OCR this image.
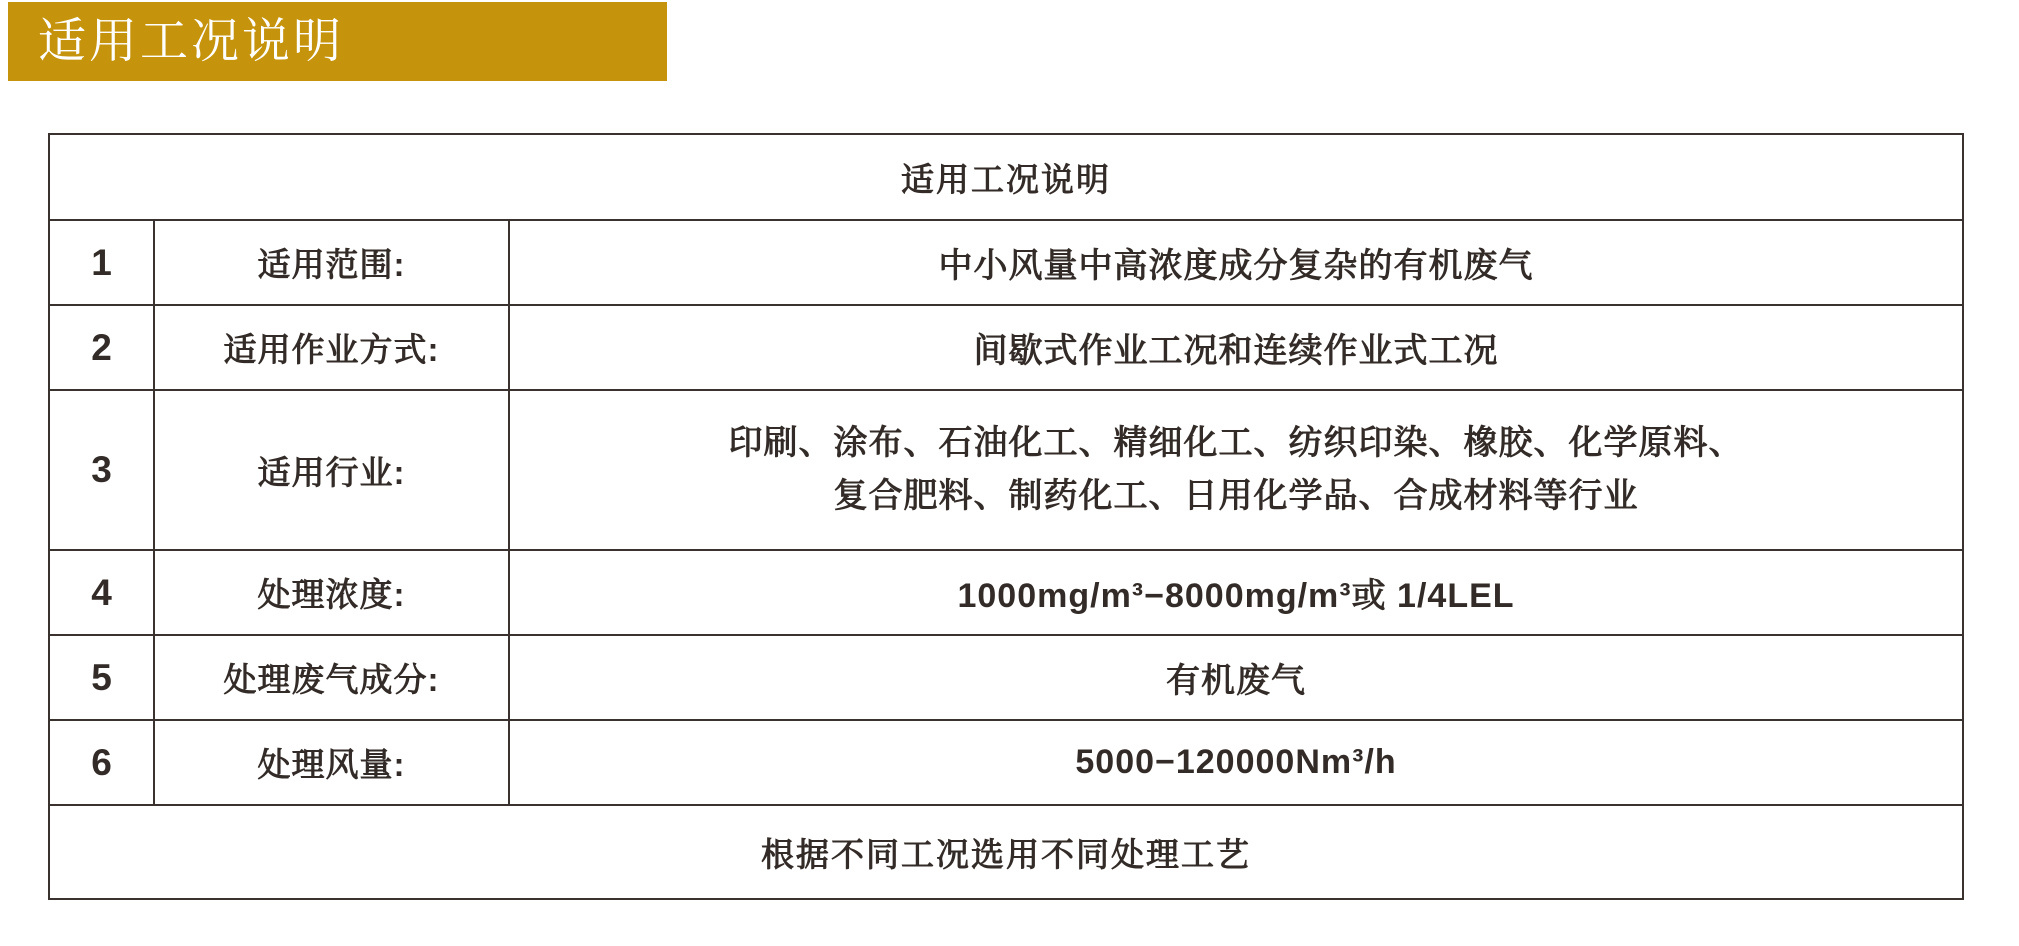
适用工况说明
适用工况说明		
1	适用范围:	中小风量中高浓度成分复杂的有机废气
2	适用作业方式:	间歇式作业工况和连续作业式工况
3	适用行业:	印刷、涂布、石油化工、精细化工、纺织印染、橡胶、化学原料、
复合肥料、制药化工、日用化学品、合成材料等行业

4	处理浓度:	1000mg/m³−8000mg/m³或 1/4LEL
5	处理废气成分:	有机废气
6	处理风量:	5000−120000Nm³/h
根据不同工况选用不同处理工艺		
